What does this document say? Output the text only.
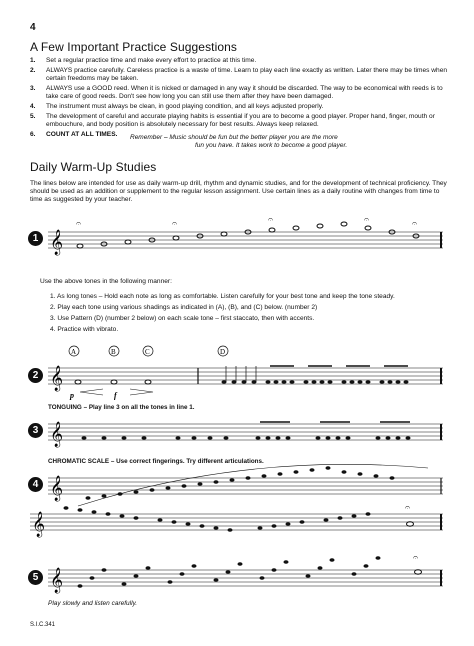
4
A Few Important Practice Suggestions
1. Set a regular practice time and make every effort to practice at this time.
2. ALWAYS practice carefully. Careless practice is a waste of time. Learn to play each line exactly as written. Later there may be times when certain freedoms may be taken.
3. ALWAYS use a GOOD reed. When it is nicked or damaged in any way it should be discarded. The way to be economical with reeds is to take care of good reeds. Don't see how long you can still use them after they have been damaged.
4. The instrument must always be clean, in good playing condition, and all keys adjusted properly.
5. The development of careful and accurate playing habits is essential if you are to become a good player. Proper hand, finger, mouth or embouchure, and body position is absolutely necessary for best results. Always keep relaxed.
6. COUNT AT ALL TIMES.	Remember – Music should be fun but the better player you are the more
fun you have. It takes work to become a good player.
Daily Warm-Up Studies
The lines below are intended for use as daily warm-up drill, rhythm and dynamic studies, and for the development of technical proficiency. They should be used as an addition or supplement to the regular lesson assignment. Use certain lines as a daily routine with changes from time to time as suggested by your teacher.
1 𝄞
𝄐	𝄐	𝄐	𝄐	𝄐
Use the above tones in the following manner:
1. As long tones – Hold each note as long as comfortable. Listen carefully for your best tone and keep the tone steady.
2. Play each tone using various shadings as indicated in (A), (B), and (C) below. (number 2)
3. Use Pattern (D) (number 2 below) on each scale tone – first staccato, then with accents.
4. Practice with vibrato.
2 𝄞
A	B	C	D
p	f
TONGUING – Play line 3 on all the tones in line 1.
3 𝄞
CHROMATIC SCALE – Use correct fingerings. Try different articulations.
4 𝄞
𝄞
𝄐
5 𝄞
𝄐
Play slowly and listen carefully.
S.I.C.341
